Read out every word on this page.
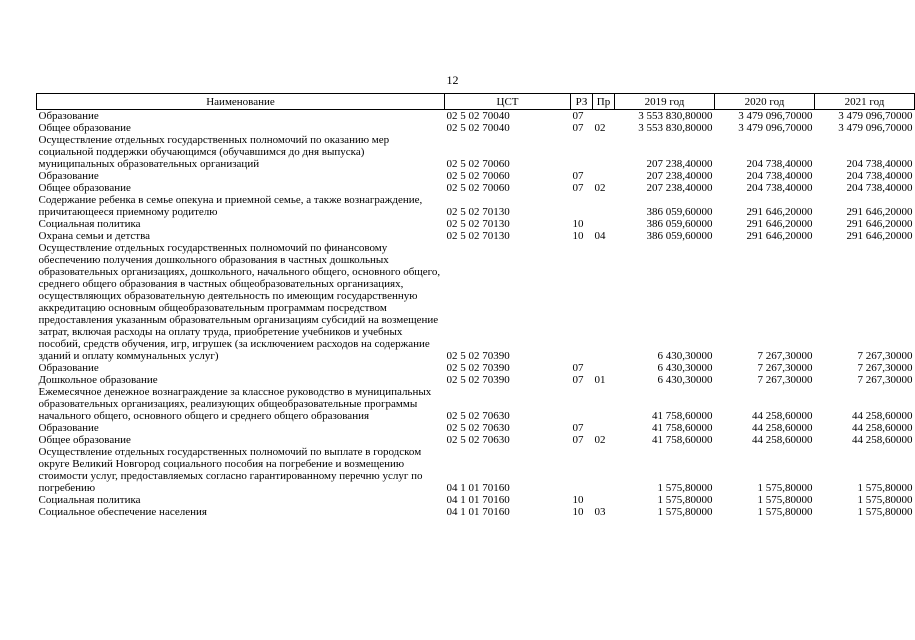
12
Наименование	ЦСТ	РЗ	Пр	2019 год	2020 год	2021 год
Образование	02 5 02 70040	07		3 553 830,80000	3 479 096,70000	3 479 096,70000
Общее образование	02 5 02 70040	07	02	3 553 830,80000	3 479 096,70000	3 479 096,70000
Осуществление отдельных государственных полномочий по оказанию мер социальной поддержки обучающимся (обучавшимся до дня выпуска) муниципальных образовательных организаций	02 5 02 70060			207 238,40000	204 738,40000	204 738,40000
Образование	02 5 02 70060	07		207 238,40000	204 738,40000	204 738,40000
Общее образование	02 5 02 70060	07	02	207 238,40000	204 738,40000	204 738,40000
Содержание ребенка в семье опекуна и приемной семье, а также вознаграждение, причитающееся приемному родителю	02 5 02 70130			386 059,60000	291 646,20000	291 646,20000
Социальная политика	02 5 02 70130	10		386 059,60000	291 646,20000	291 646,20000
Охрана семьи и детства	02 5 02 70130	10	04	386 059,60000	291 646,20000	291 646,20000
Осуществление отдельных государственных полномочий по финансовому обеспечению получения дошкольного образования в частных дошкольных образовательных организациях, дошкольного, начального общего, основного общего, среднего общего образования в частных общеобразовательных организациях, осуществляющих образовательную деятельность по имеющим государственную аккредитацию основным общеобразовательным программам посредством предоставления указанным образовательным организациям субсидий на возмещение затрат, включая расходы на оплату труда, приобретение учебников и учебных пособий, средств обучения, игр, игрушек (за исключением расходов на содержание зданий и оплату коммунальных услуг)	02 5 02 70390			6 430,30000	7 267,30000	7 267,30000
Образование	02 5 02 70390	07		6 430,30000	7 267,30000	7 267,30000
Дошкольное образование	02 5 02 70390	07	01	6 430,30000	7 267,30000	7 267,30000
Ежемесячное денежное вознаграждение за классное руководство в муниципальных образовательных организациях, реализующих общеобразовательные программы начального общего, основного общего и среднего общего образования	02 5 02 70630			41 758,60000	44 258,60000	44 258,60000
Образование	02 5 02 70630	07		41 758,60000	44 258,60000	44 258,60000
Общее образование	02 5 02 70630	07	02	41 758,60000	44 258,60000	44 258,60000
Осуществление отдельных государственных полномочий по выплате в городском округе Великий Новгород социального пособия на погребение и возмещению стоимости услуг, предоставляемых согласно гарантированному перечню услуг по погребению	04 1 01 70160			1 575,80000	1 575,80000	1 575,80000
Социальная политика	04 1 01 70160	10		1 575,80000	1 575,80000	1 575,80000
Социальное обеспечение населения	04 1 01 70160	10	03	1 575,80000	1 575,80000	1 575,80000
